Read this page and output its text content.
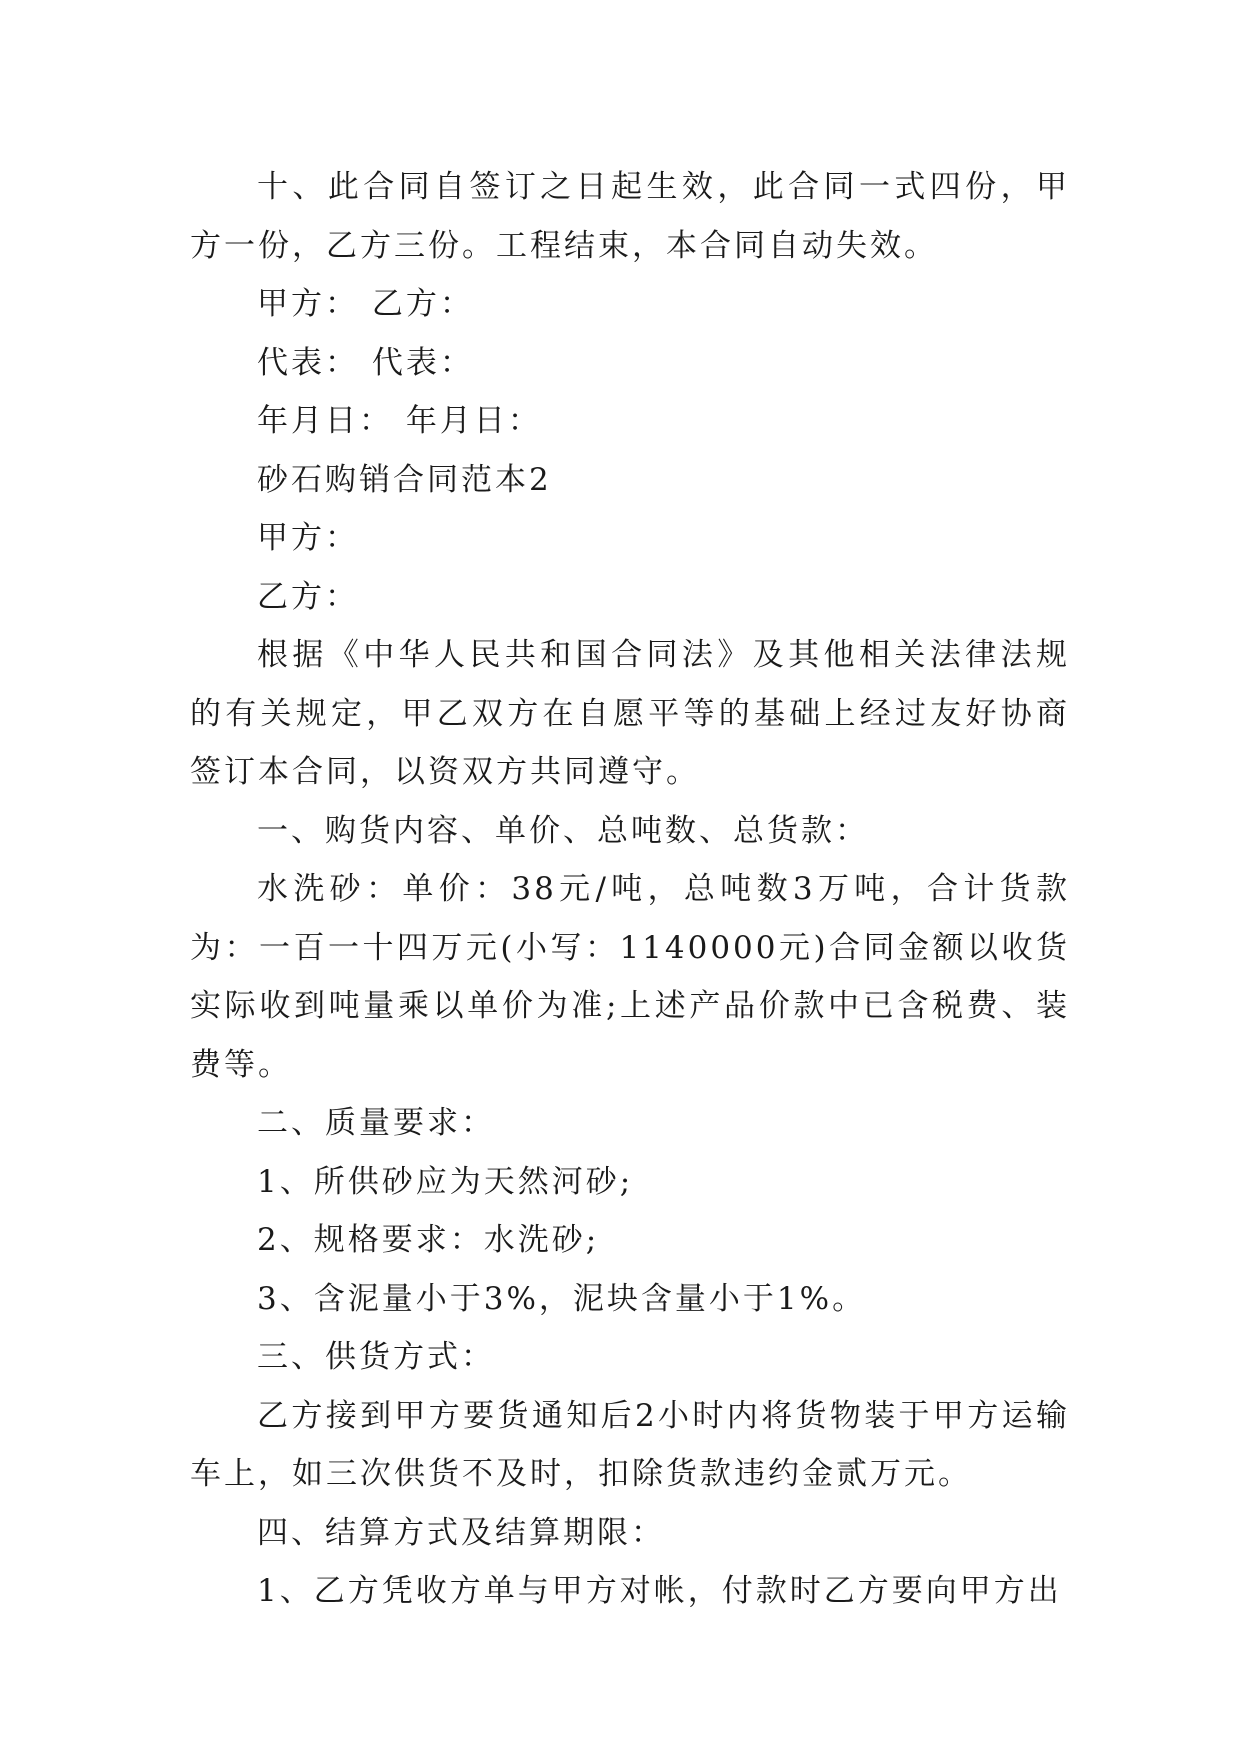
十、此合同自签订之日起生效，此合同一式四份，甲方一份，乙方三份。工程结束，本合同自动失效。

甲方： 乙方：

代表： 代表：

年月日： 年月日：

砂石购销合同范本2

甲方：

乙方：

根据《中华人民共和国合同法》及其他相关法律法规的有关规定，甲乙双方在自愿平等的基础上经过友好协商签订本合同，以资双方共同遵守。

一、购货内容、单价、总吨数、总货款：

水洗砂：单价：38元/吨，总吨数3万吨，合计货款为：一百一十四万元(小写：1140000元)合同金额以收货实际收到吨量乘以单价为准;上述产品价款中已含税费、装费等。

二、质量要求：

1、所供砂应为天然河砂;

2、规格要求：水洗砂;

3、含泥量小于3%，泥块含量小于1%。

三、供货方式：

乙方接到甲方要货通知后2小时内将货物装于甲方运输车上，如三次供货不及时，扣除货款违约金贰万元。

四、结算方式及结算期限：

1、乙方凭收方单与甲方对帐，付款时乙方要向甲方出
